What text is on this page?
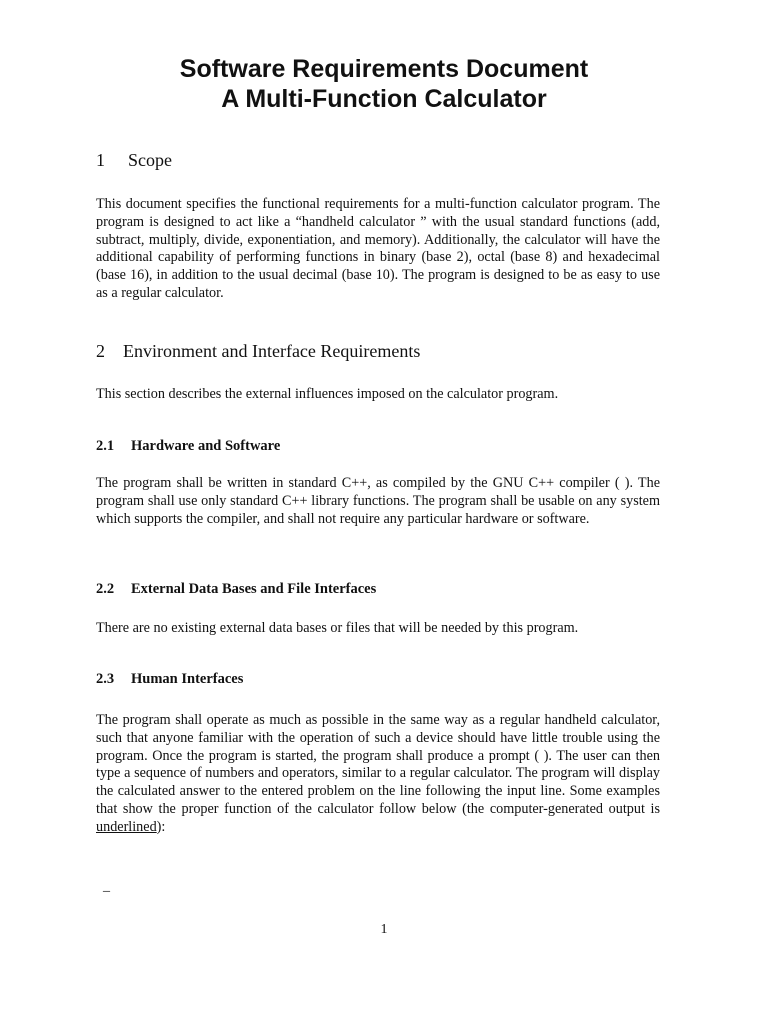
Software Requirements Document
A Multi-Function Calculator
1 Scope

This document specifies the functional requirements for a multi-function calculator program. The program is designed to act like a “handheld calculator ” with the usual standard functions (add, subtract, multiply, divide, exponentiation, and memory). Additionally, the calculator will have the additional capability of performing functions in binary (base 2), octal (base 8) and hexadecimal (base 16), in addition to the usual decimal (base 10). The program is designed to be as easy to use as a regular calculator.

2 Environment and Interface Requirements

This section describes the external influences imposed on the calculator program.

2.1 Hardware and Software

The program shall be written in standard C++, as compiled by the GNU C++ compiler ( ). The program shall use only standard C++ library functions. The program shall be usable on any system which supports the compiler, and shall not require any particular hardware or software.

2.2 External Data Bases and File Interfaces

There are no existing external data bases or files that will be needed by this program.

2.3 Human Interfaces

The program shall operate as much as possible in the same way as a regular handheld calculator, such that anyone familiar with the operation of such a device should have little trouble using the program. Once the program is started, the program shall produce a prompt ( ). The user can then type a sequence of numbers and operators, similar to a regular calculator. The program will display the calculated answer to the entered problem on the line following the input line. Some examples that show the proper function of the calculator follow below (the computer-generated output is underlined):

_
1
